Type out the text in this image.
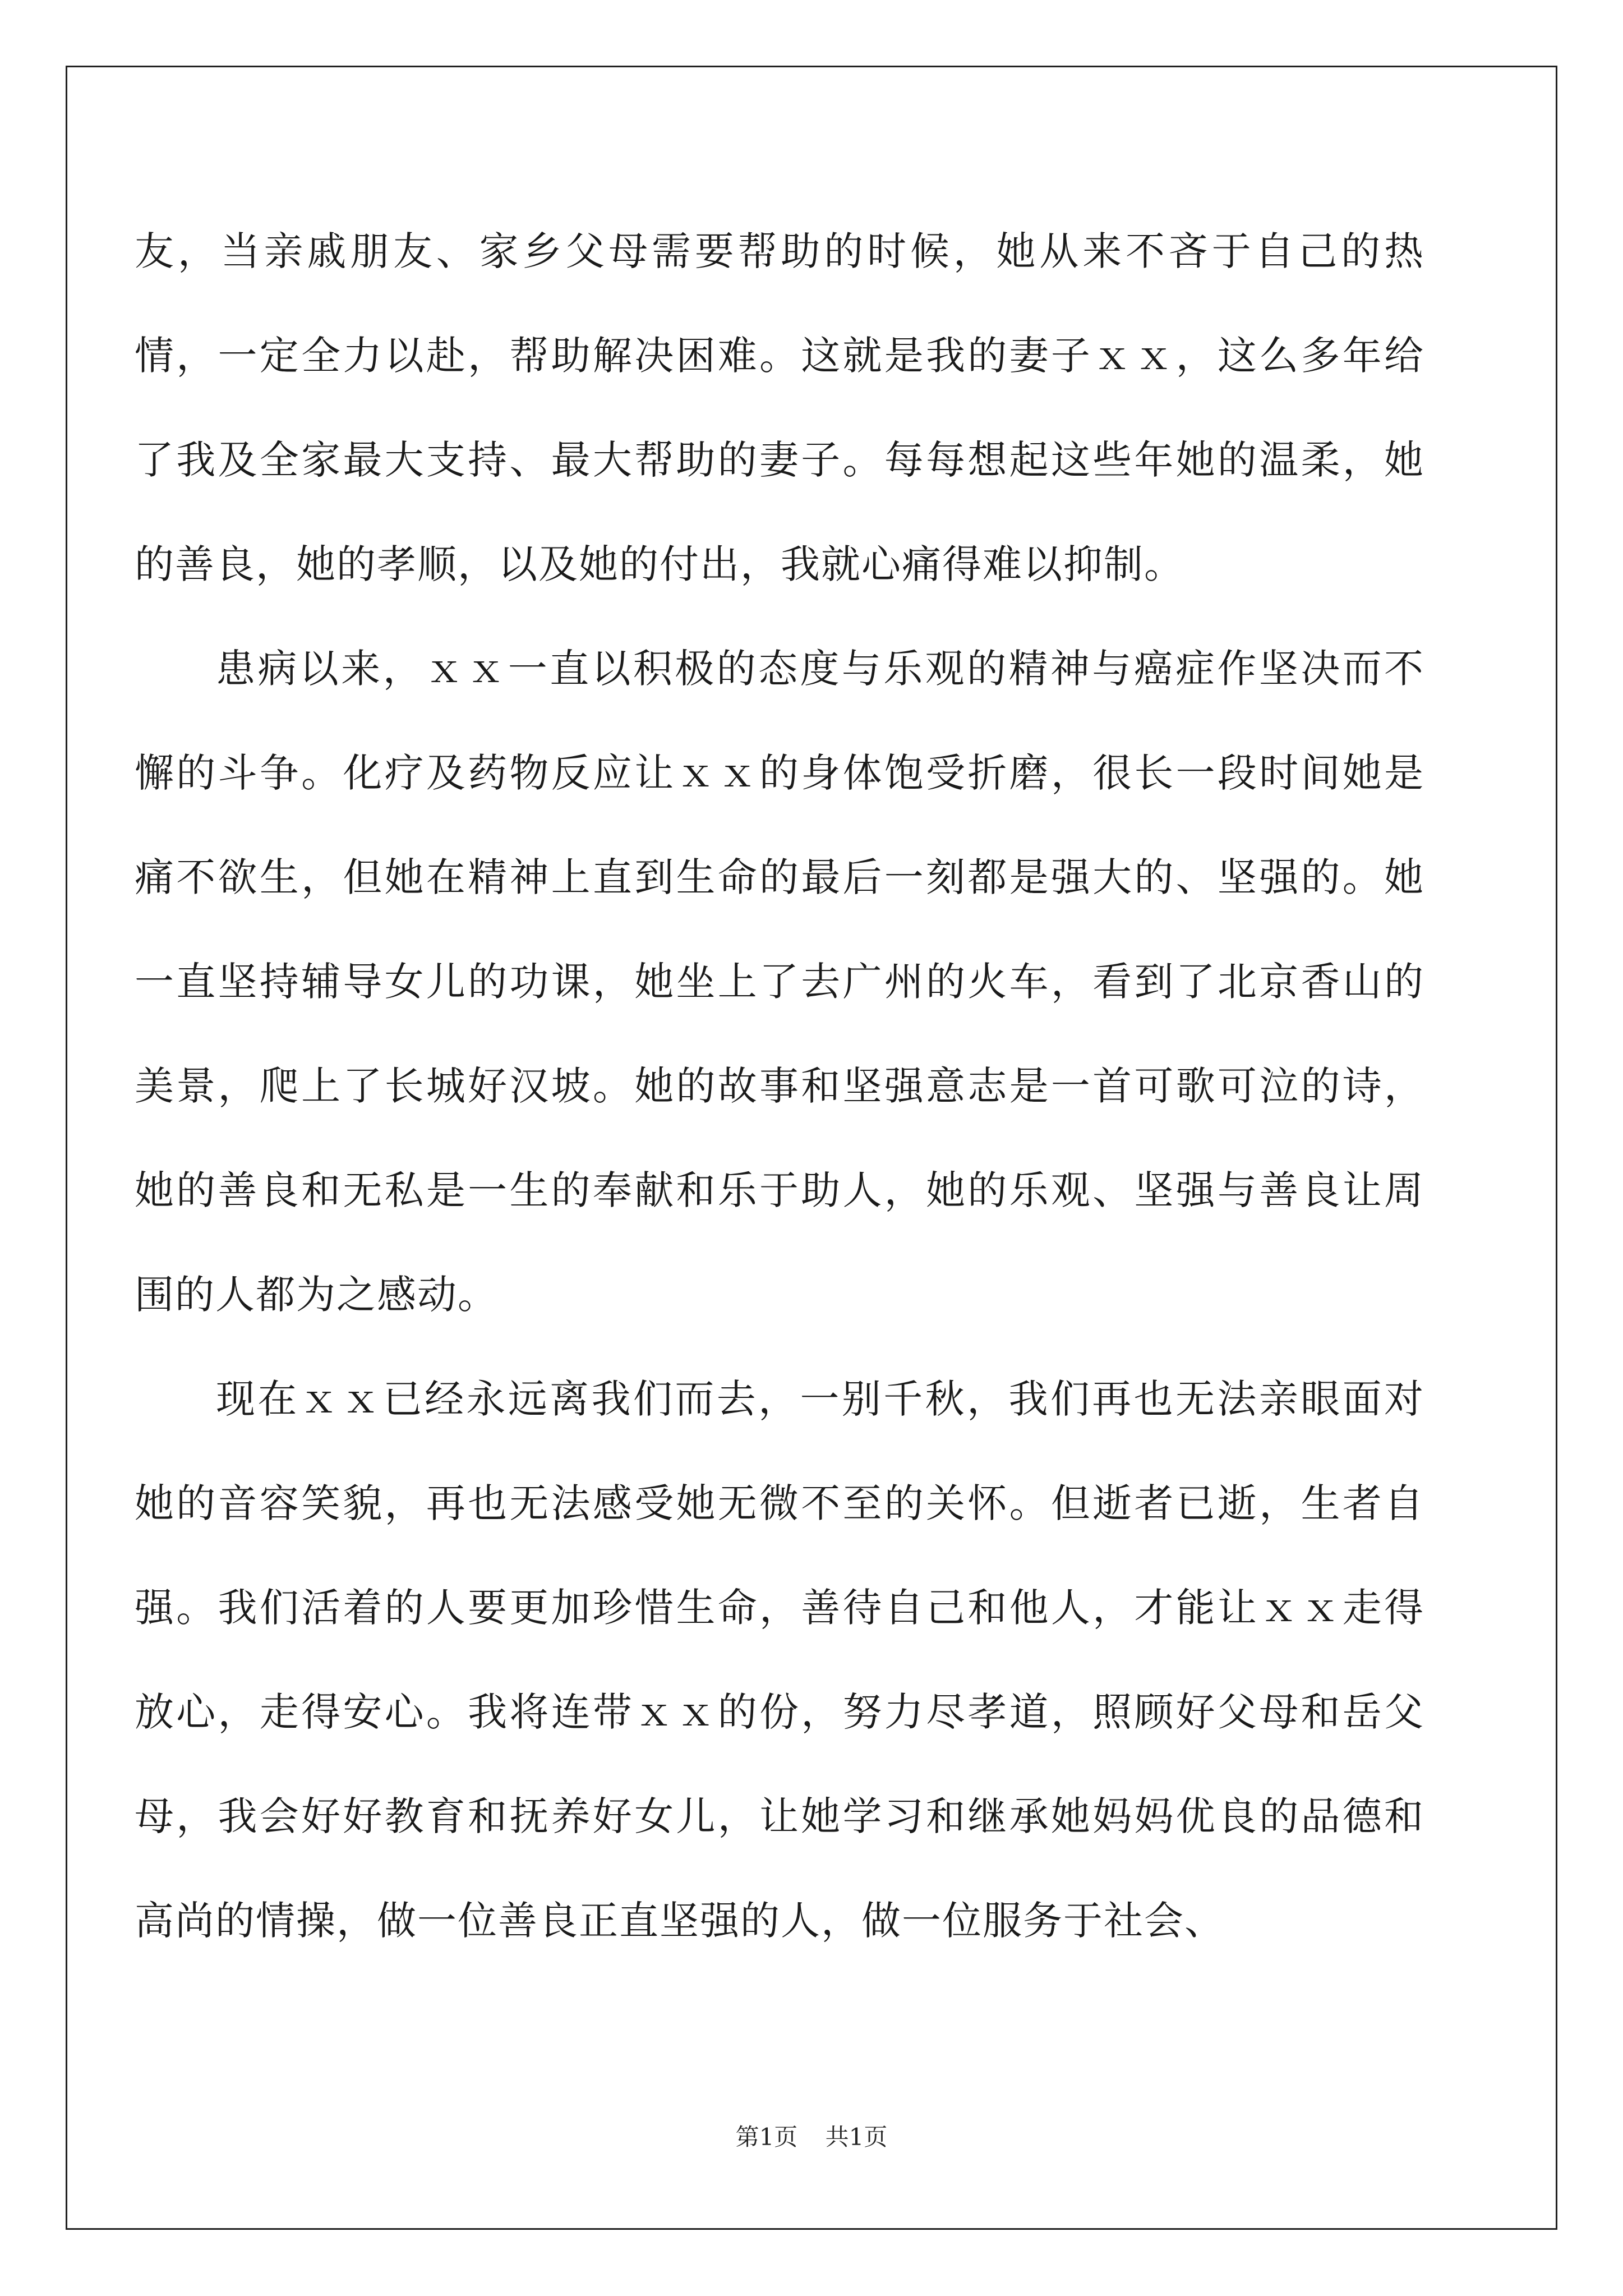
友，当亲戚朋友、家乡父母需要帮助的时候，她从来不吝于自己的热情，一定全力以赴，帮助解决困难。这就是我的妻子ｘｘ，这么多年给了我及全家最大支持、最大帮助的妻子。每每想起这些年她的温柔，她的善良，她的孝顺，以及她的付出，我就心痛得难以抑制。

患病以来，ｘｘ一直以积极的态度与乐观的精神与癌症作坚决而不懈的斗争。化疗及药物反应让ｘｘ的身体饱受折磨，很长一段时间她是痛不欲生，但她在精神上直到生命的最后一刻都是强大的、坚强的。她一直坚持辅导女儿的功课，她坐上了去广州的火车，看到了北京香山的美景，爬上了长城好汉坡。她的故事和坚强意志是一首可歌可泣的诗，她的善良和无私是一生的奉献和乐于助人，她的乐观、坚强与善良让周围的人都为之感动。

现在ｘｘ已经永远离我们而去，一别千秋，我们再也无法亲眼面对她的音容笑貌，再也无法感受她无微不至的关怀。但逝者已逝，生者自强。我们活着的人要更加珍惜生命，善待自己和他人，才能让ｘｘ走得放心，走得安心。我将连带ｘｘ的份，努力尽孝道，照顾好父母和岳父母，我会好好教育和抚养好女儿，让她学习和继承她妈妈优良的品德和高尚的情操，做一位善良正直坚强的人，做一位服务于社会、

第1页 共1页
